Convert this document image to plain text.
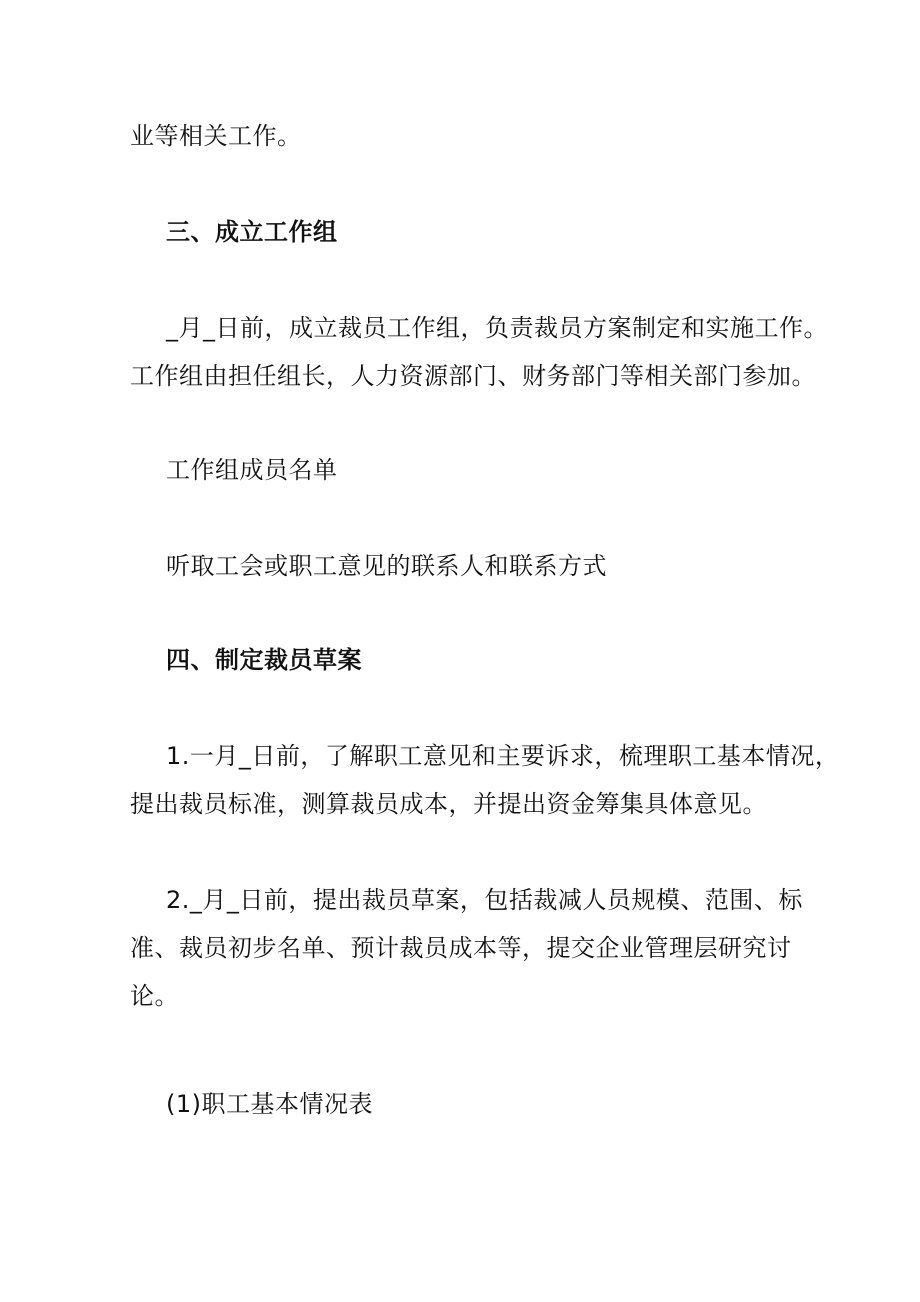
业等相关工作。
三、成立工作组
_月_日前，成立裁员工作组，负责裁员方案制定和实施工作。
工作组由担任组长，人力资源部门、财务部门等相关部门参加。
工作组成员名单
听取工会或职工意见的联系人和联系方式
四、制定裁员草案
1.一月_日前，了解职工意见和主要诉求，梳理职工基本情况，
提出裁员标准，测算裁员成本，并提出资金筹集具体意见。
2._月_日前，提出裁员草案，包括裁减人员规模、范围、标
准、裁员初步名单、预计裁员成本等，提交企业管理层研究讨
论。
(1)职工基本情况表
